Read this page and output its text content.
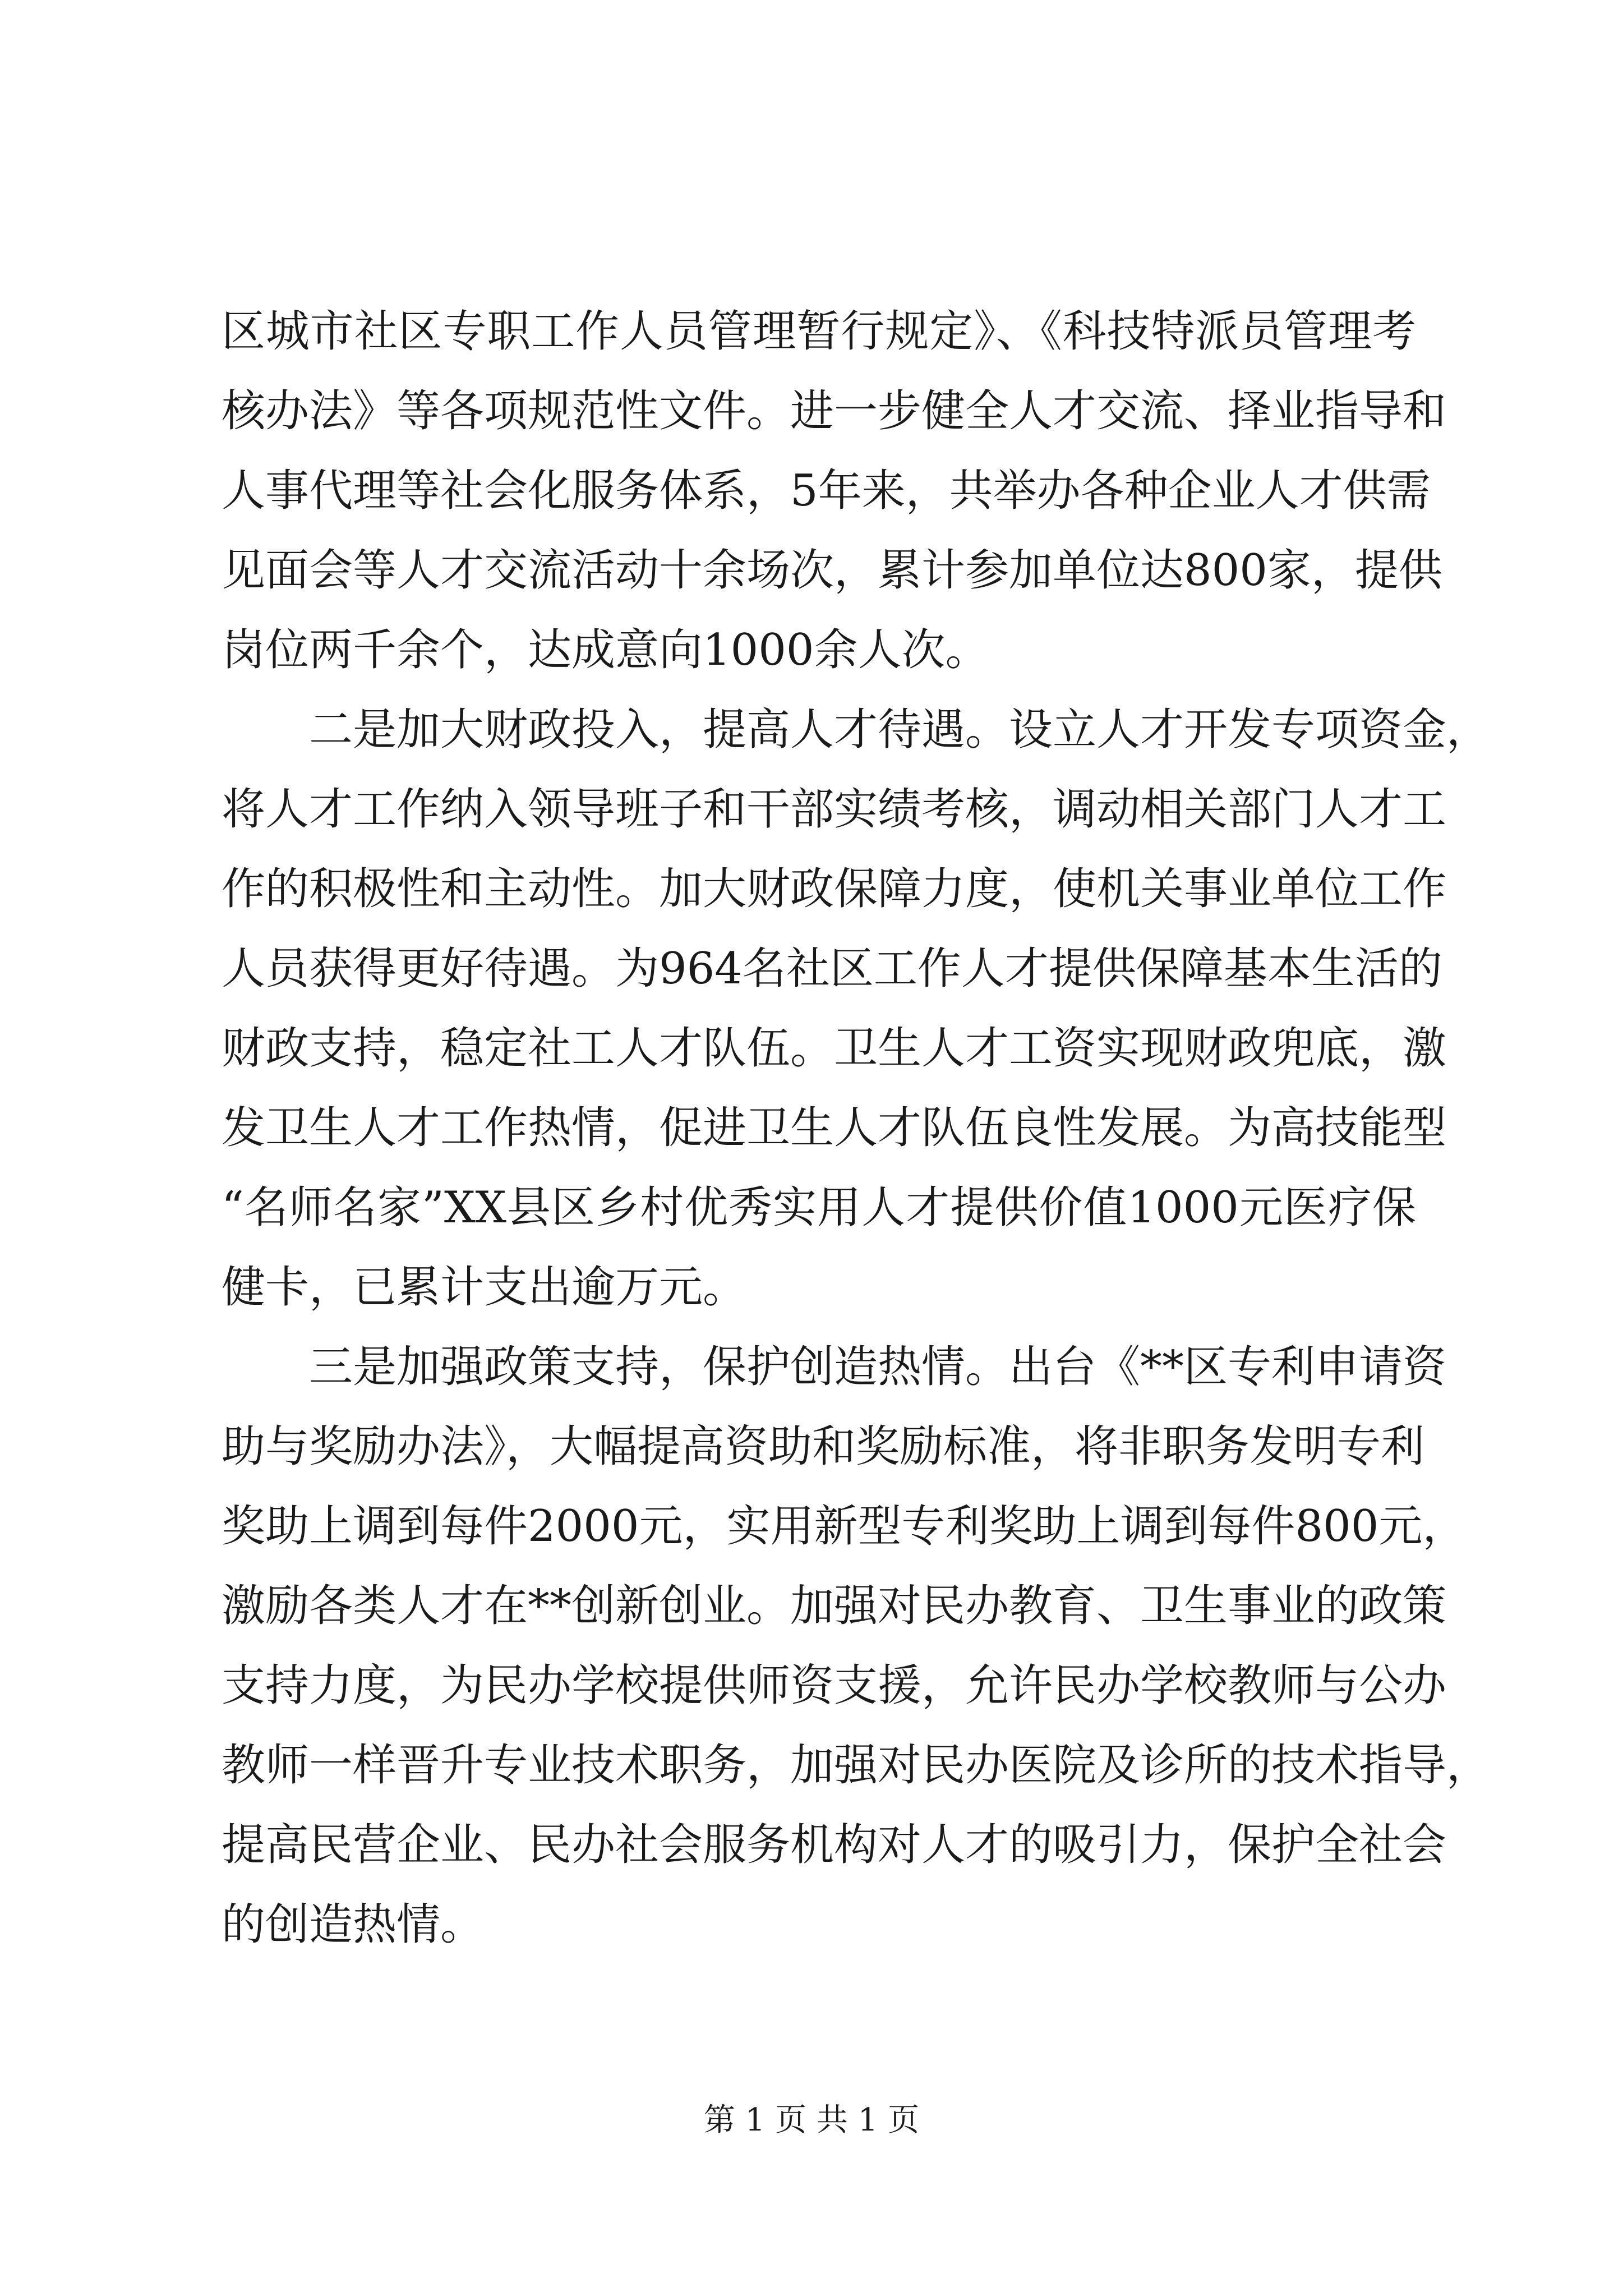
区城市社区专职工作人员管理暂行规定》、《科技特派员管理考
核办法》等各项规范性文件。进一步健全人才交流、择业指导和
人事代理等社会化服务体系，5年来，共举办各种企业人才供需
见面会等人才交流活动十余场次，累计参加单位达800家，提供
岗位两千余个，达成意向1000余人次。
二是加大财政投入，提高人才待遇。设立人才开发专项资金，
将人才工作纳入领导班子和干部实绩考核，调动相关部门人才工
作的积极性和主动性。加大财政保障力度，使机关事业单位工作
人员获得更好待遇。为964名社区工作人才提供保障基本生活的
财政支持，稳定社工人才队伍。卫生人才工资实现财政兜底，激
发卫生人才工作热情，促进卫生人才队伍良性发展。为高技能型
“名师名家”XX县区乡村优秀实用人才提供价值1000元医疗保
健卡，已累计支出逾万元。
三是加强政策支持，保护创造热情。出台《**区专利申请资
助与奖励办法》，大幅提高资助和奖励标准，将非职务发明专利
奖助上调到每件2000元，实用新型专利奖助上调到每件800元，
激励各类人才在**创新创业。加强对民办教育、卫生事业的政策
支持力度，为民办学校提供师资支援，允许民办学校教师与公办
教师一样晋升专业技术职务，加强对民办医院及诊所的技术指导，
提高民营企业、民办社会服务机构对人才的吸引力，保护全社会
的创造热情。
第 1 页 共 1 页
